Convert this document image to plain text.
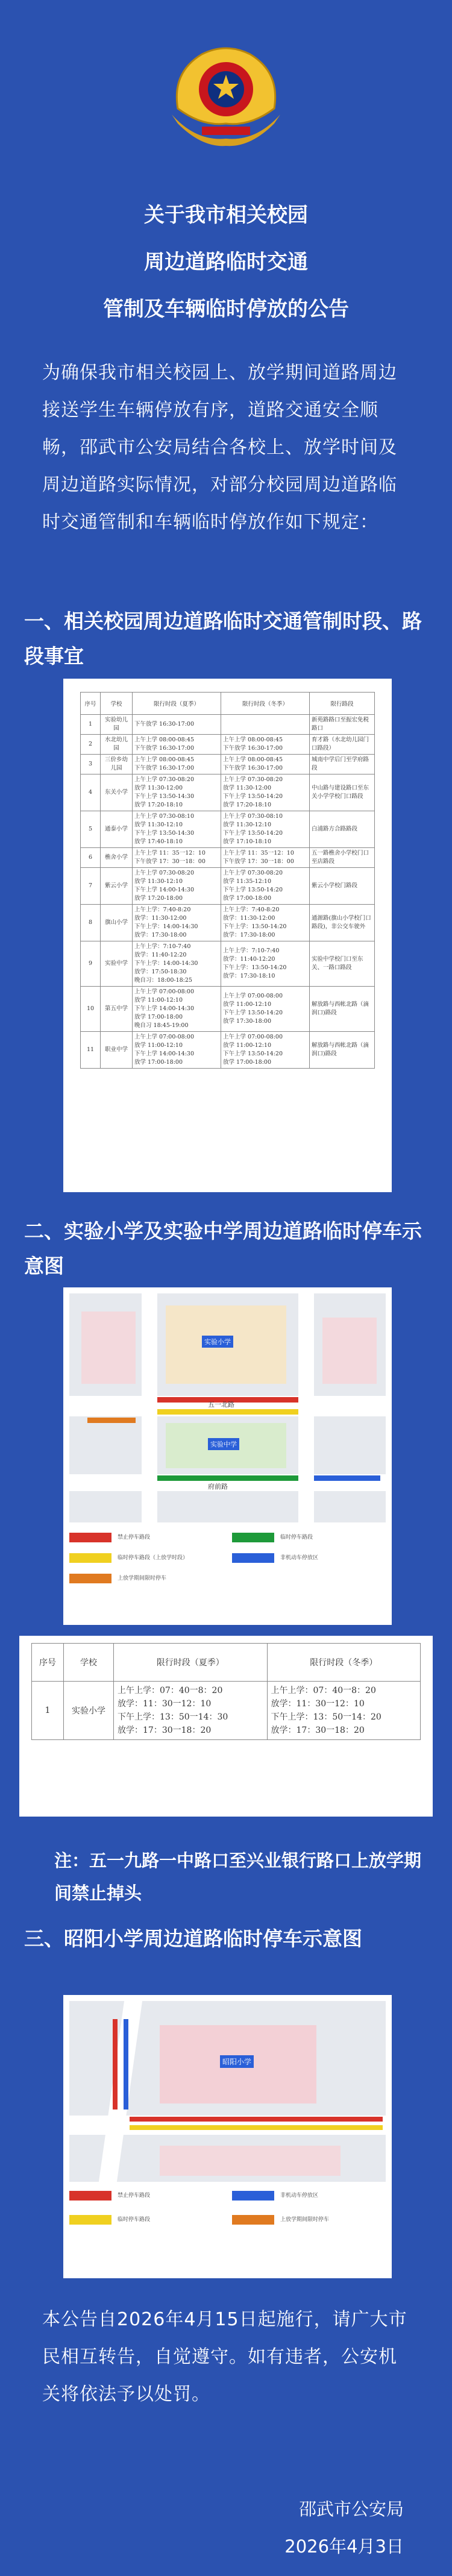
关于我市相关校园
周边道路临时交通
管制及车辆临时停放的公告
为确保我市相关校园上、放学期间道路周边接送学生车辆停放有序，道路交通安全顺畅，邵武市公安局结合各校上、放学时间及周边道路实际情况，对部分校园周边道路临时交通管制和车辆临时停放作如下规定：
一、相关校园周边道路临时交通管制时段、路段事宜
序号	学校	限行时段（夏季）	限行时段（冬季）	限行路段
1	实验幼儿园	下午放学 16:30-17:00		新苑路路口至振宏免税路口
2	水北幼儿园	上午上学 08:00-08:45
下午放学 16:30-17:00	上午上学 08:00-08:45
下午放学 16:30-17:00	育才路（水北幼儿园门口路段）
3	三价乡幼儿园	上午上学 08:00-08:45
下午放学 16:30-17:00	上午上学 08:00-08:45
下午放学 16:30-17:00	城南中学后门至学府路段
4	东关小学	上午上学 07:30-08:20
放学 11:30-12:00
下午上学 13:50-14:30
放学 17:20-18:10	上午上学 07:30-08:20
放学 11:30-12:00
下午上学 13:50-14:20
放学 17:20-18:10	中山路与建设路口至东关小学学校门口路段
5	通泰小学	上午上学 07:30-08:10
放学 11:30-12:10
下午上学 13:50-14:30
放学 17:40-18:10	上午上学 07:30-08:10
放学 11:30-12:10
下午上学 13:50-14:20
放学 17:10-18:10	白浦路方合路路段
6	樵舍小学	上午上学 11：35一12：10
下午放学 17：30一18：00	上午上学 11：35一12：10
下午放学 17：30一18：00	五一路樵舍小学校门口至店路段
7	紫云小学	上午上学 07:30-08:20
放学 11:30-12:10
下午上学 14:00-14:30
放学 17:20-18:00	上午上学 07:30-08:20
放学 11:35-12:10
下午上学 13:50-14:20
放学 17:00-18:00	紫云小学校门路段
8	旗山小学	上午上学：7:40-8:20
放学：11:30-12:00
下午上学：14:00-14:30
放学：17:30-18:00	上午上学：7:40-8:20
放学：11:30-12:00
下午上学：13:50-14:20
放学：17:30-18:00	通源路(旗山小学校门口路段)，非公交车驶外
9	实验中学	上午上学：7:10-7:40
放学：11:40-12:20
下午上学：14:00-14:30
放学：17:50-18:30
晚自习：18:00-18:25	上午上学：7:10-7:40
放学：11:40-12:20
下午上学：13:50-14:20
放学：17:30-18:10	实验中学校门口至东关、一路口路段
10	第五中学	上午上学 07:00-08:00
放学 11:00-12:10
下午上学 14:00-14:30
放学 17:00-18:00
晚自习 18:45-19:00	上午上学 07:00-08:00
放学 11:00-12:10
下午上学 13:50-14:20
放学 17:30-18:00	解放路与西帐北路（滴润口)路段
11	职业中学	上午上学 07:00-08:00
放学 11:00-12:10
下午上学 14:00-14:30
放学 17:00-18:00	上午上学 07:00-08:00
放学 11:00-12:10
下午上学 13:50-14:20
放学 17:00-18:00	解放路与西帐北路（滴润口)路段
二、实验小学及实验中学周边道路临时停车示意图
五一北路
府前路
实验小学
实验中学
禁止停车路段	临时停车路段
临时停车路段（上放学时段）	非机动车停放区
上放学期间限时停车
序号	学校	限行时段（夏季）	限行时段（冬季）
1	实验小学	上午上学：07：40一8：20
放学：11：30一12：10
下午上学：13：50一14：30
放学：17：30一18：20	上午上学：07：40一8：20
放学：11：30一12：10
下午上学：13：50一14：20
放学：17：30一18：20
注：五一九路一中路口至兴业银行路口上放学期间禁止掉头
三、昭阳小学周边道路临时停车示意图
昭阳小学
禁止停车路段	非机动车停放区
临时停车路段	上放学期间限时停车
本公告自2026年4月15日起施行，请广大市民相互转告，自觉遵守。如有违者，公安机关将依法予以处罚。
邵武市公安局
2026年4月3日
